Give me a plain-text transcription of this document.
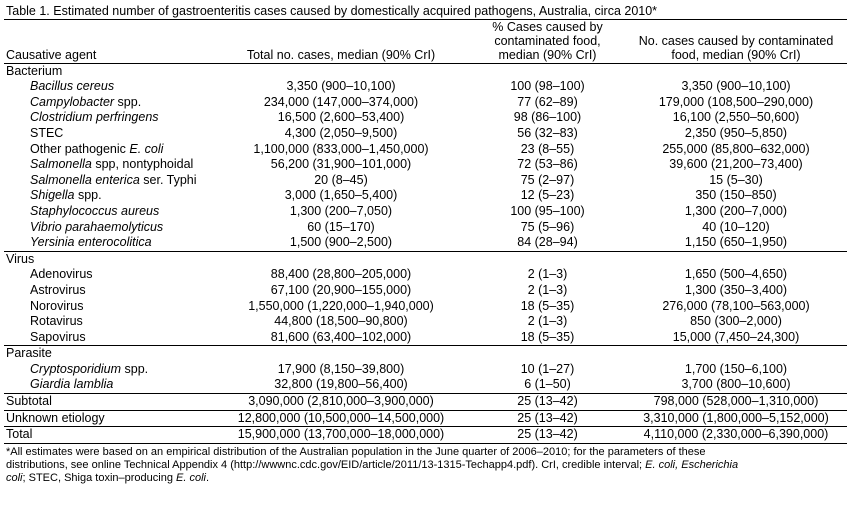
Table 1. Estimated number of gastroenteritis cases caused by domestically acquired pathogens, Australia, circa 2010*
		% Cases caused by	
		contaminated food,	No. cases caused by contaminated
Causative agent	Total no. cases, median (90% CrI)	median (90% CrI)	food, median (90% CrI)
Bacterium			
Bacillus cereus	3,350 (900–10,100)	100 (98–100)	3,350 (900–10,100)
Campylobacter spp.	234,000 (147,000–374,000)	77 (62–89)	179,000 (108,500–290,000)
Clostridium perfringens	16,500 (2,600–53,400)	98 (86–100)	16,100 (2,550–50,600)
STEC	4,300 (2,050–9,500)	56 (32–83)	2,350 (950–5,850)
Other pathogenic E. coli	1,100,000 (833,000–1,450,000)	23 (8–55)	255,000 (85,800–632,000)
Salmonella spp, nontyphoidal	56,200 (31,900–101,000)	72 (53–86)	39,600 (21,200–73,400)
Salmonella enterica ser. Typhi	20 (8–45)	75 (2–97)	15 (5–30)
Shigella spp.	3,000 (1,650–5,400)	12 (5–23)	350 (150–850)
Staphylococcus aureus	1,300 (200–7,050)	100 (95–100)	1,300 (200–7,000)
Vibrio parahaemolyticus	60 (15–170)	75 (5–96)	40 (10–120)
Yersinia enterocolitica	1,500 (900–2,500)	84 (28–94)	1,150 (650–1,950)
Virus			
Adenovirus	88,400 (28,800–205,000)	2 (1–3)	1,650 (500–4,650)
Astrovirus	67,100 (20,900–155,000)	2 (1–3)	1,300 (350–3,400)
Norovirus	1,550,000 (1,220,000–1,940,000)	18 (5–35)	276,000 (78,100–563,000)
Rotavirus	44,800 (18,500–90,800)	2 (1–3)	850 (300–2,000)
Sapovirus	81,600 (63,400–102,000)	18 (5–35)	15,000 (7,450–24,300)
Parasite			
Cryptosporidium spp.	17,900 (8,150–39,800)	10 (1–27)	1,700 (150–6,100)
Giardia lamblia	32,800 (19,800–56,400)	6 (1–50)	3,700 (800–10,600)
Subtotal	3,090,000 (2,810,000–3,900,000)	25 (13–42)	798,000 (528,000–1,310,000)
Unknown etiology	12,800,000 (10,500,000–14,500,000)	25 (13–42)	3,310,000 (1,800,000–5,152,000)
Total	15,900,000 (13,700,000–18,000,000)	25 (13–42)	4,110,000 (2,330,000–6,390,000)
*All estimates were based on an empirical distribution of the Australian population in the June quarter of 2006–2010; for the parameters of these
distributions, see online Technical Appendix 4 (http://wwwnc.cdc.gov/EID/article/2011/13-1315-Techapp4.pdf). CrI, credible interval; E. coli, Escherichia
coli; STEC, Shiga toxin–producing E. coli.
